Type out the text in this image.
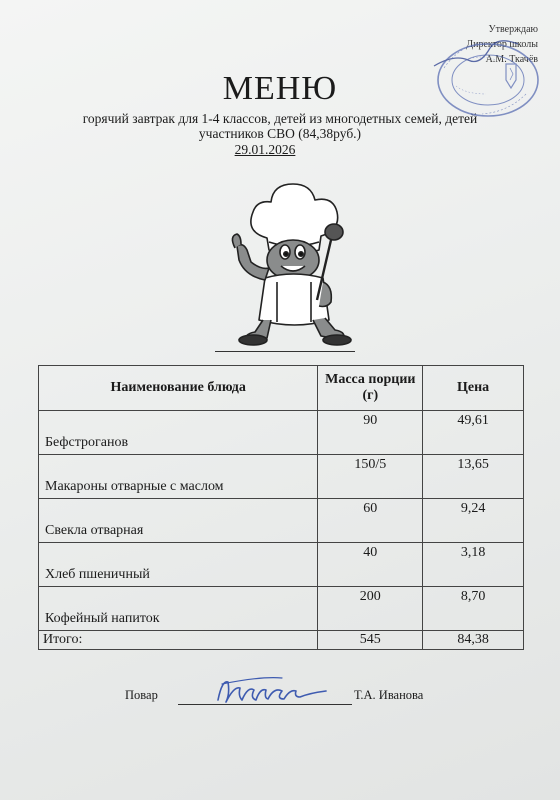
Утверждаю
Директор школы
А.М. Ткачёв
МЕНЮ
горячий завтрак для 1-4 классов, детей из многодетных семей, детей участников СВО (84,38руб.)
29.01.2026
Наименование блюда	Масса порции (г)	Цена
Бефстроганов	90	49,61
Макароны отварные с маслом	150/5	13,65
Свекла отварная	60	9,24
Хлеб пшеничный	40	3,18
Кофейный напиток	200	8,70
Итого:	545	84,38
Повар	Т.А. Иванова
